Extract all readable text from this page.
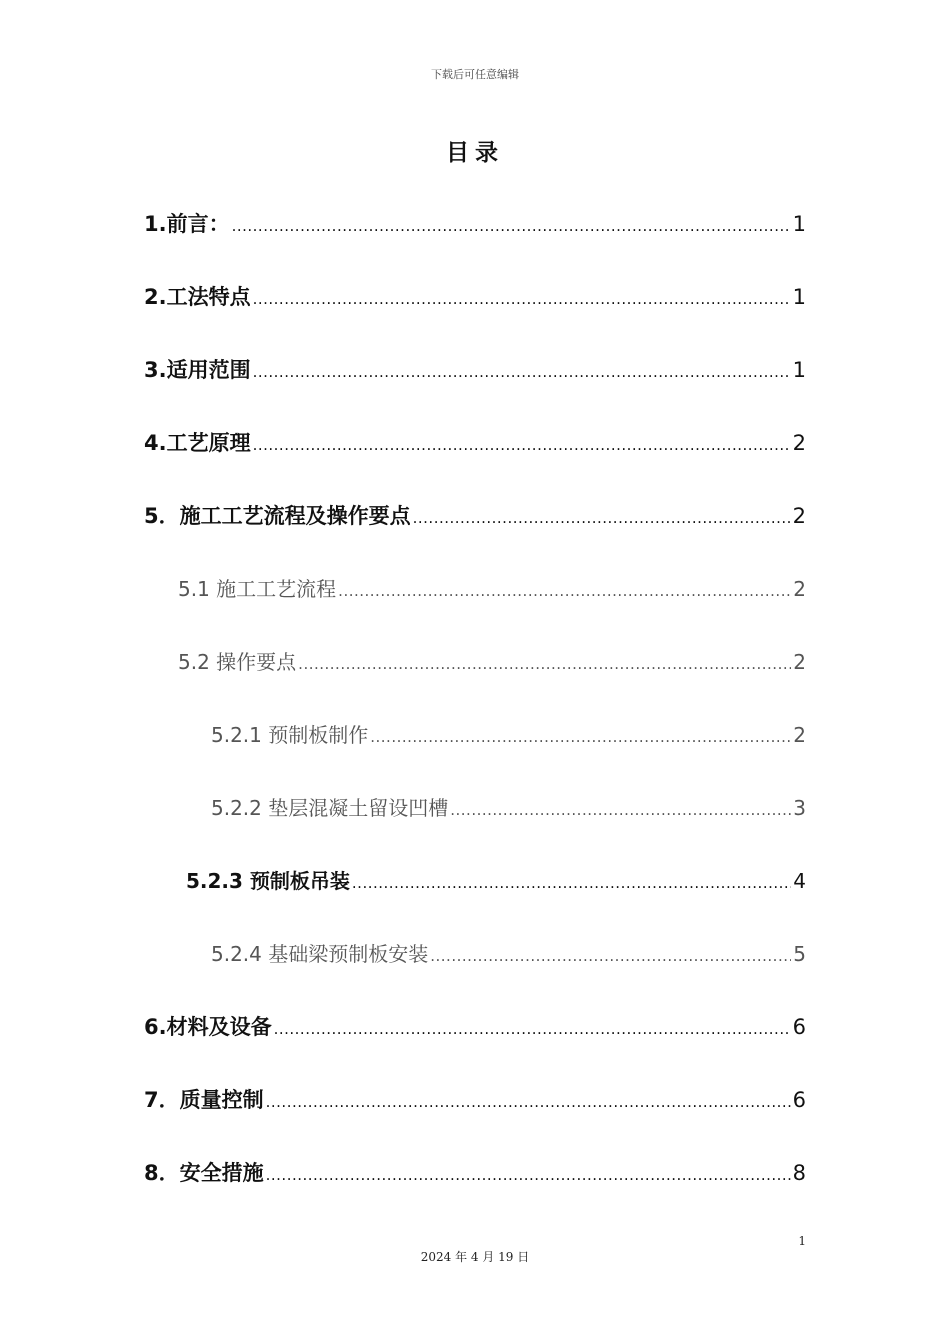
下载后可任意编辑
目录
1.前言： .....	1
2.工法特点 .....	1
3.适用范围 .....	1
4.工艺原理 .....	2
5．施工工艺流程及操作要点 .....	2
5.1 施工工艺流程 .....	2
5.2 操作要点 .....	2
5.2.1 预制板制作 .....	2
5.2.2 垫层混凝土留设凹槽 .....	3
5.2.3 预制板吊装 .....	4
5.2.4 基础梁预制板安装 .....	5
6.材料及设备 .....	6
7．质量控制 .....	6
8．安全措施 .....	8
1
2024 年 4 月 19 日
